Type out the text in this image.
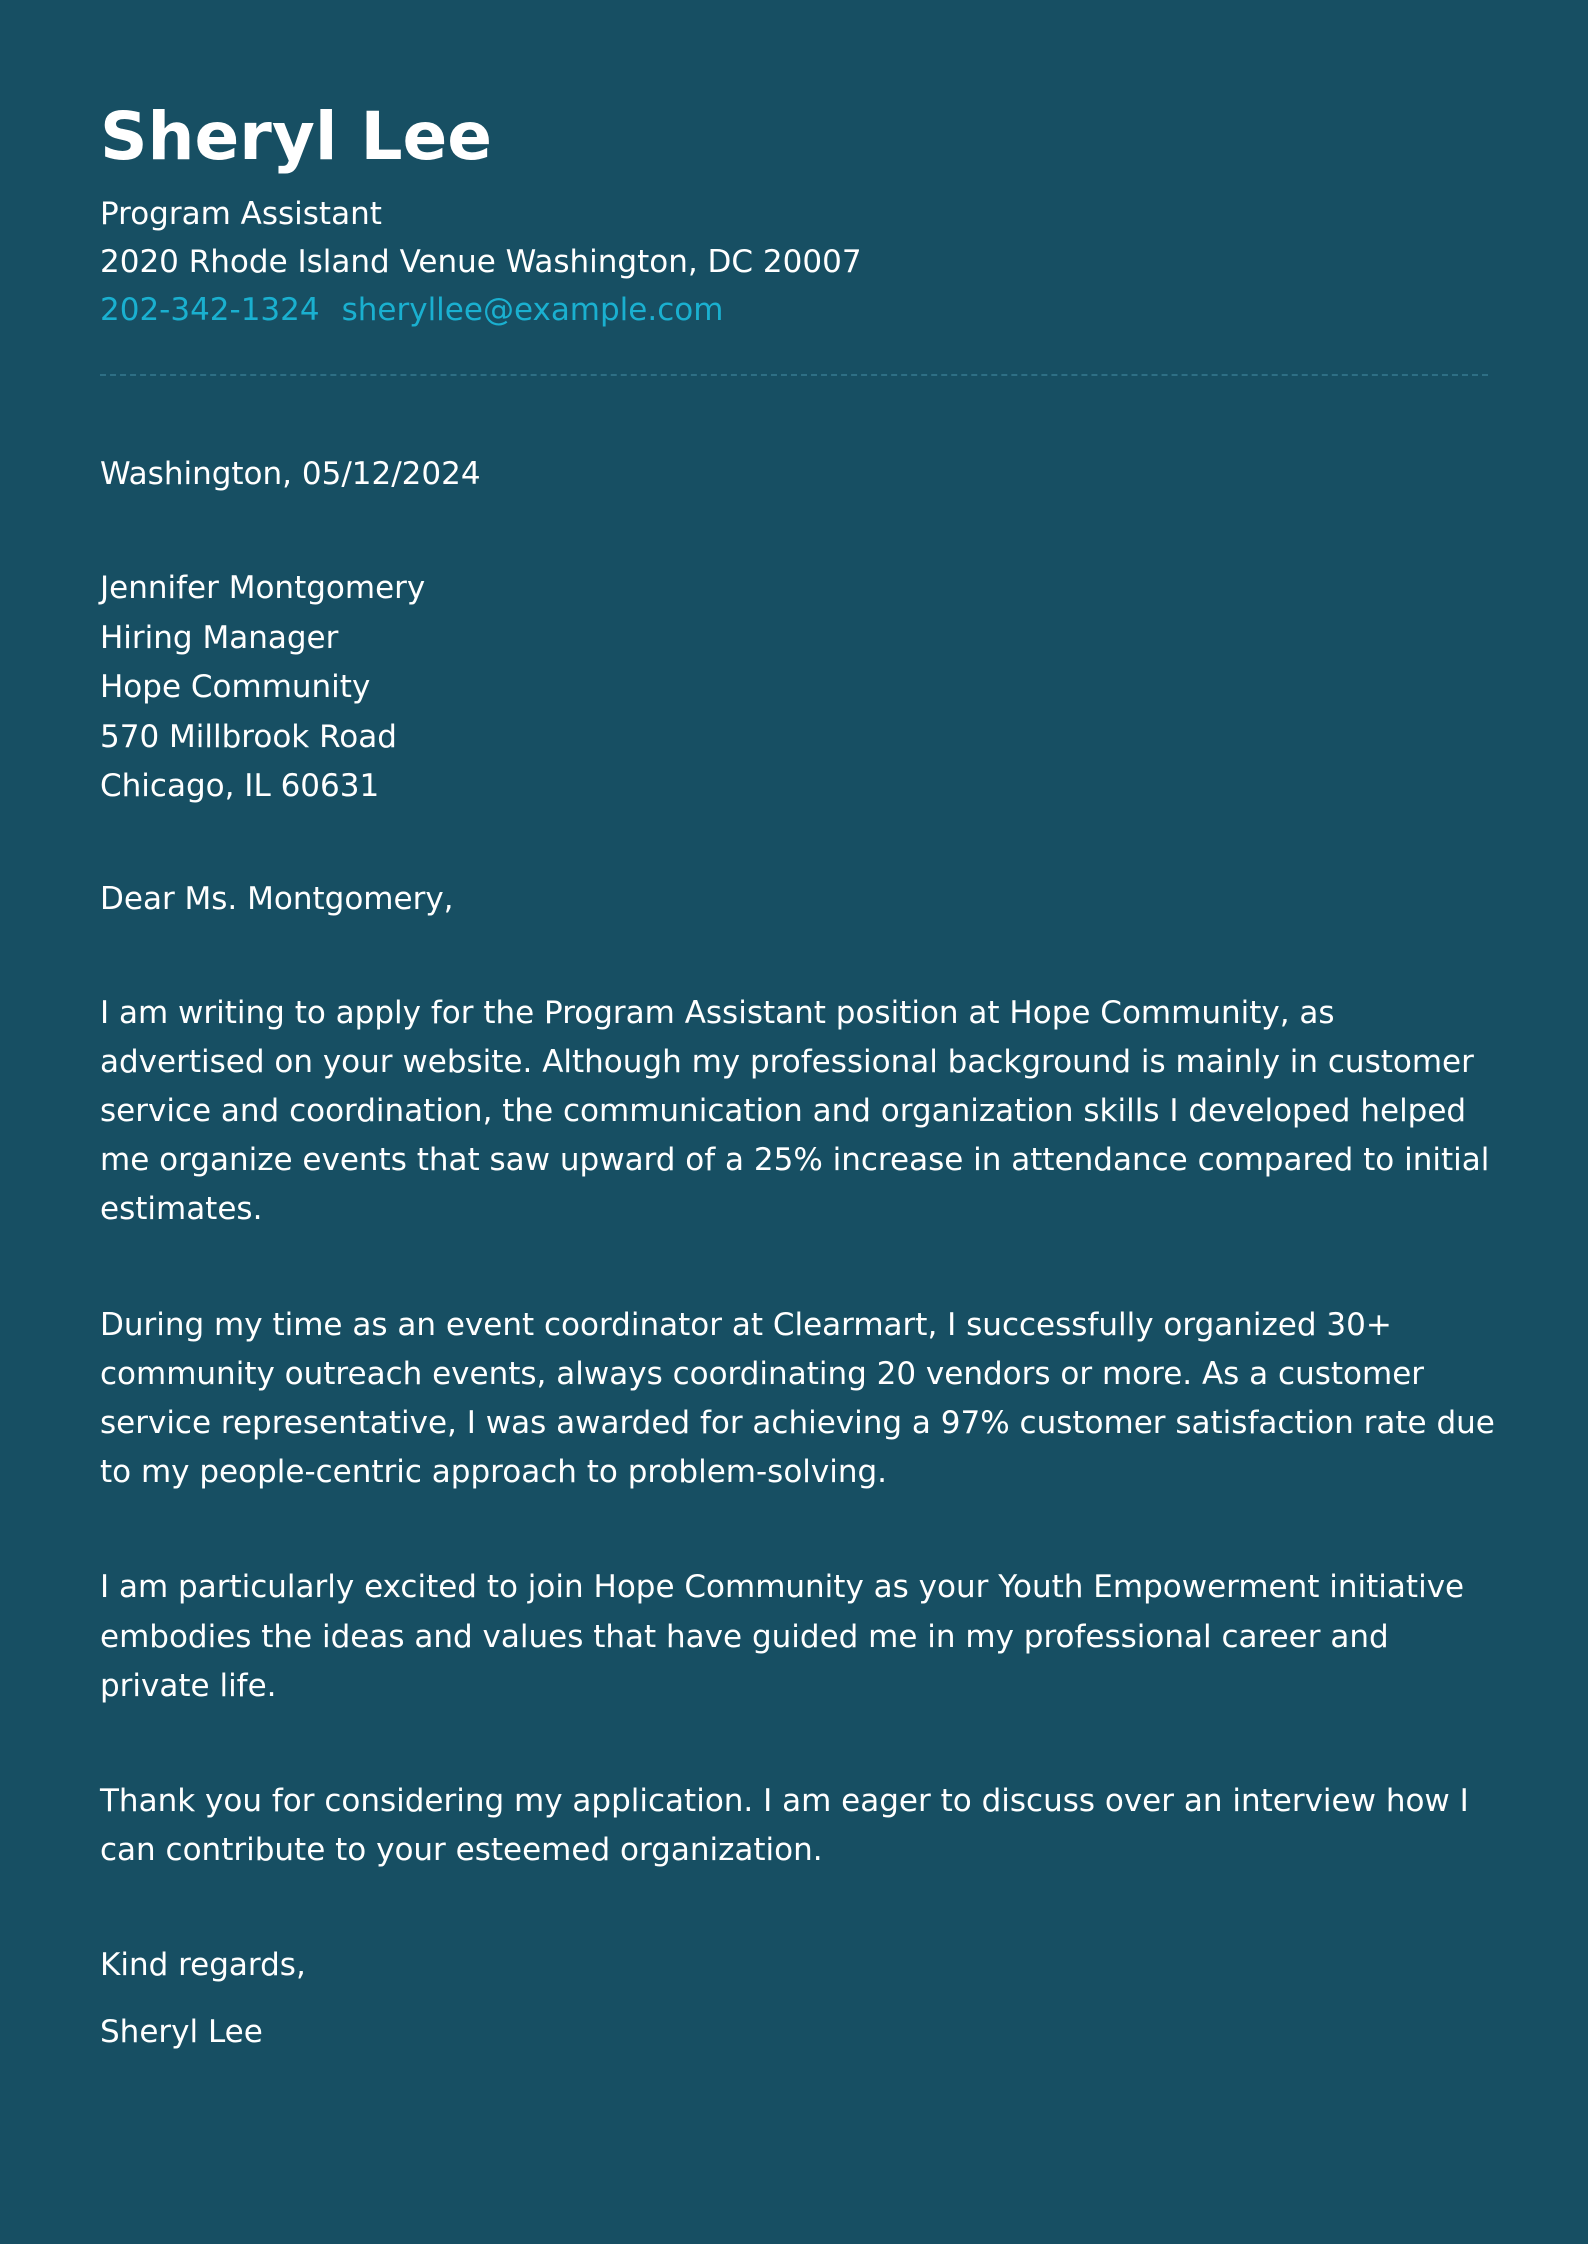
Sheryl Lee
Program Assistant
2020 Rhode Island Venue Washington, DC 20007
202-342-1324 sheryllee@example.com
Washington, 05/12/2024
Jennifer Montgomery
Hiring Manager
Hope Community
570 Millbrook Road
Chicago, IL 60631
Dear Ms. Montgomery,
I am writing to apply for the Program Assistant position at Hope Community, as advertised on your website. Although my professional background is mainly in customer service and coordination, the communication and organization skills I developed helped me organize events that saw upward of a 25% increase in attendance compared to initial estimates.
During my time as an event coordinator at Clearmart, I successfully organized 30+ community outreach events, always coordinating 20 vendors or more. As a customer service representative, I was awarded for achieving a 97% customer satisfaction rate due to my people-centric approach to problem-solving.
I am particularly excited to join Hope Community as your Youth Empowerment initiative embodies the ideas and values that have guided me in my professional career and private life.
Thank you for considering my application. I am eager to discuss over an interview how I can contribute to your esteemed organization.
Kind regards,
Sheryl Lee
